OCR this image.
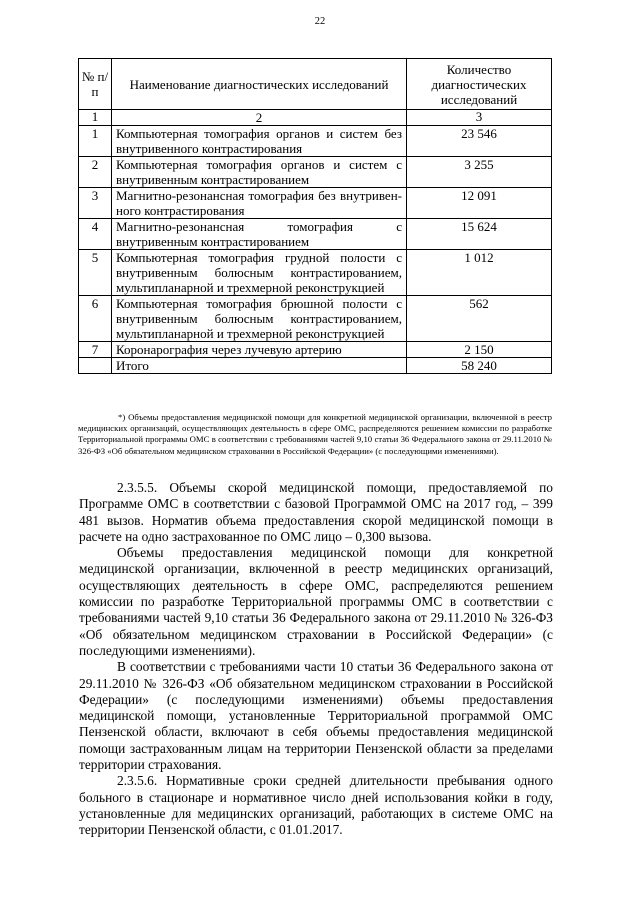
22
№ п/п	Наименование диагностических исследований	Количество диагностических исследований
1	2	3
1	Компьютерная томография органов и систем без внутривенного контрастирования	23 546
2	Компьютерная томография органов и систем с внутривенным контрастированием	3 255
3	Магнитно-резонансная томография без внутривен-ного контрастирования	12 091
4	Магнитно-резонансная томография с внутривенным контрастированием	15 624
5	Компьютерная томография грудной полости с внутривенным болюсным контрастированием, мультипланарной и трехмерной реконструкцией	1 012
6	Компьютерная томография брюшной полости с внутривенным болюсным контрастированием, мультипланарной и трехмерной реконструкцией	562
7	Коронарография через лучевую артерию	2 150
	Итого	58 240
*) Объемы предоставления медицинской помощи для конкретной медицинской организации, включенной в реестр медицинских организаций, осуществляющих деятельность в сфере ОМС, распределяются решением комиссии по разработке Территориальной программы ОМС в соответствии с требованиями частей 9,10 статьи 36 Федерального закона от 29.11.2010 № 326-ФЗ «Об обязательном медицинском страховании в Российской Федерации» (с последующими изменениями).

2.3.5.5. Объемы скорой медицинской помощи, предоставляемой по Программе ОМС в соответствии с базовой Программой ОМС на 2017 год, – 399 481 вызов. Норматив объема предоставления скорой медицинской помощи в расчете на одно застрахованное по ОМС лицо – 0,300 вызова.

Объемы предоставления медицинской помощи для конкретной медицинской организации, включенной в реестр медицинских организаций, осуществляющих деятельность в сфере ОМС, распределяются решением комиссии по разработке Территориальной программы ОМС в соответствии с требованиями частей 9,10 статьи 36 Федерального закона от 29.11.2010 № 326-ФЗ «Об обязательном медицинском страховании в Российской Федерации» (с последующими изменениями).

В соответствии с требованиями части 10 статьи 36 Федерального закона от 29.11.2010 № 326-ФЗ «Об обязательном медицинском страховании в Российской Федерации» (с последующими изменениями) объемы предоставления медицинской помощи, установленные Территориальной программой ОМС Пензенской области, включают в себя объемы предоставления медицинской помощи застрахованным лицам на территории Пензенской области за пределами территории страхования.

2.3.5.6. Нормативные сроки средней длительности пребывания одного больного в стационаре и нормативное число дней использования койки в году, установленные для медицинских организаций, работающих в системе ОМС на территории Пензенской области, с 01.01.2017.
